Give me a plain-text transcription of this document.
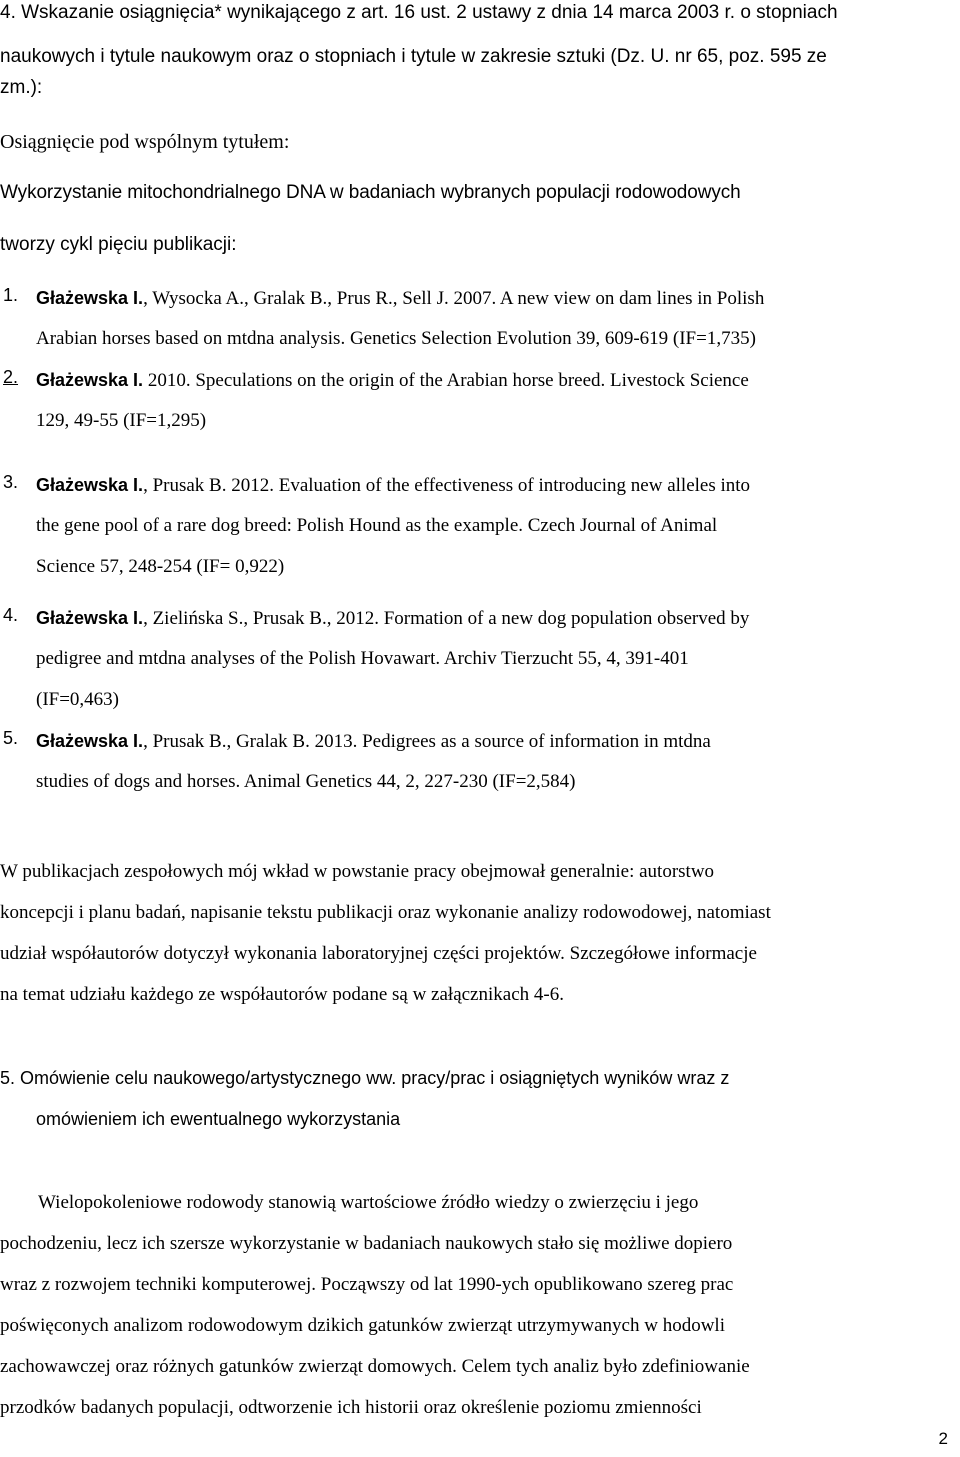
4. Wskazanie osiągnięcia* wynikającego z art. 16 ust. 2 ustawy z dnia 14 marca 2003 r. o stopniach
naukowych i tytule naukowym oraz o stopniach i tytule w zakresie sztuki (Dz. U. nr 65, poz. 595 ze
zm.):
Osiągnięcie pod wspólnym tytułem:
Wykorzystanie mitochondrialnego DNA w badaniach wybranych populacji rodowodowych
tworzy cykl pięciu publikacji:
1. Głażewska I., Wysocka A., Gralak B., Prus R., Sell J. 2007. A new view on dam lines in Polish
Arabian horses based on mtdna analysis. Genetics Selection Evolution 39, 609-619 (IF=1,735)
2. Głażewska I. 2010. Speculations on the origin of the Arabian horse breed. Livestock Science
129, 49-55 (IF=1,295)
3. Głażewska I., Prusak B. 2012. Evaluation of the effectiveness of introducing new alleles into
the gene pool of a rare dog breed: Polish Hound as the example. Czech Journal of Animal
Science 57, 248-254 (IF= 0,922)
4. Głażewska I., Zielińska S., Prusak B., 2012. Formation of a new dog population observed by
pedigree and mtdna analyses of the Polish Hovawart. Archiv Tierzucht 55, 4, 391-401
(IF=0,463)
5. Głażewska I., Prusak B., Gralak B. 2013. Pedigrees as a source of information in mtdna
studies of dogs and horses. Animal Genetics 44, 2, 227-230 (IF=2,584)
W publikacjach zespołowych mój wkład w powstanie pracy obejmował generalnie: autorstwo
koncepcji i planu badań, napisanie tekstu publikacji oraz wykonanie analizy rodowodowej, natomiast
udział współautorów dotyczył wykonania laboratoryjnej części projektów. Szczegółowe informacje
na temat udziału każdego ze współautorów podane są w załącznikach 4-6.
5. Omówienie celu naukowego/artystycznego ww. pracy/prac i osiągniętych wyników wraz z
omówieniem ich ewentualnego wykorzystania
Wielopokoleniowe rodowody stanowią wartościowe źródło wiedzy o zwierzęciu i jego
pochodzeniu, lecz ich szersze wykorzystanie w badaniach naukowych stało się możliwe dopiero
wraz z rozwojem techniki komputerowej. Począwszy od lat 1990-ych opublikowano szereg prac
poświęconych analizom rodowodowym dzikich gatunków zwierząt utrzymywanych w hodowli
zachowawczej oraz różnych gatunków zwierząt domowych. Celem tych analiz było zdefiniowanie
przodków badanych populacji, odtworzenie ich historii oraz określenie poziomu zmienności
2
